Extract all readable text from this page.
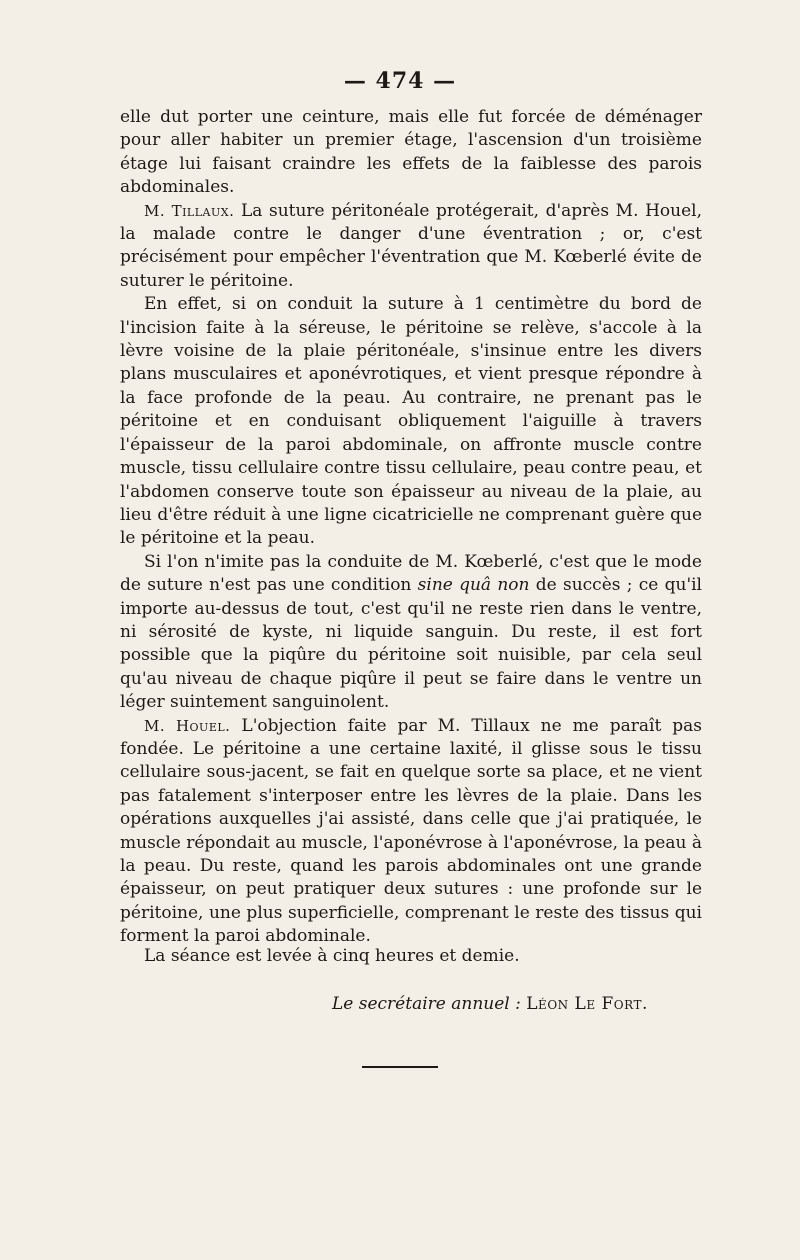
— 474 —

elle dut porter une ceinture, mais elle fut forcée de déménager pour aller habiter un premier étage, l'ascension d'un troisième étage lui faisant craindre les effets de la faiblesse des parois abdominales.

M. Tillaux. La suture péritonéale protégerait, d'après M. Houel, la malade contre le danger d'une éventration ; or, c'est précisément pour empêcher l'éventration que M. Kœberlé évite de suturer le péritoine.

En effet, si on conduit la suture à 1 centimètre du bord de l'incision faite à la séreuse, le péritoine se relève, s'accole à la lèvre voisine de la plaie péritonéale, s'insinue entre les divers plans musculaires et aponévrotiques, et vient presque répondre à la face profonde de la peau. Au contraire, ne prenant pas le péritoine et en conduisant obliquement l'aiguille à travers l'épaisseur de la paroi abdominale, on affronte muscle contre muscle, tissu cellulaire contre tissu cellulaire, peau contre peau, et l'abdomen conserve toute son épaisseur au niveau de la plaie, au lieu d'être réduit à une ligne cicatricielle ne comprenant guère que le péritoine et la peau.

Si l'on n'imite pas la conduite de M. Kœberlé, c'est que le mode de suture n'est pas une condition sine quâ non de succès ; ce qu'il importe au-dessus de tout, c'est qu'il ne reste rien dans le ventre, ni sérosité de kyste, ni liquide sanguin. Du reste, il est fort possible que la piqûre du péritoine soit nuisible, par cela seul qu'au niveau de chaque piqûre il peut se faire dans le ventre un léger suintement sanguinolent.

M. Houel. L'objection faite par M. Tillaux ne me paraît pas fondée. Le péritoine a une certaine laxité, il glisse sous le tissu cellulaire sous-jacent, se fait en quelque sorte sa place, et ne vient pas fatalement s'interposer entre les lèvres de la plaie. Dans les opérations auxquelles j'ai assisté, dans celle que j'ai pratiquée, le muscle répondait au muscle, l'aponévrose à l'aponévrose, la peau à la peau. Du reste, quand les parois abdominales ont une grande épaisseur, on peut pratiquer deux sutures : une profonde sur le péritoine, une plus superficielle, comprenant le reste des tissus qui forment la paroi abdominale.

La séance est levée à cinq heures et demie.
Le secrétaire annuel : Léon Le Fort.
